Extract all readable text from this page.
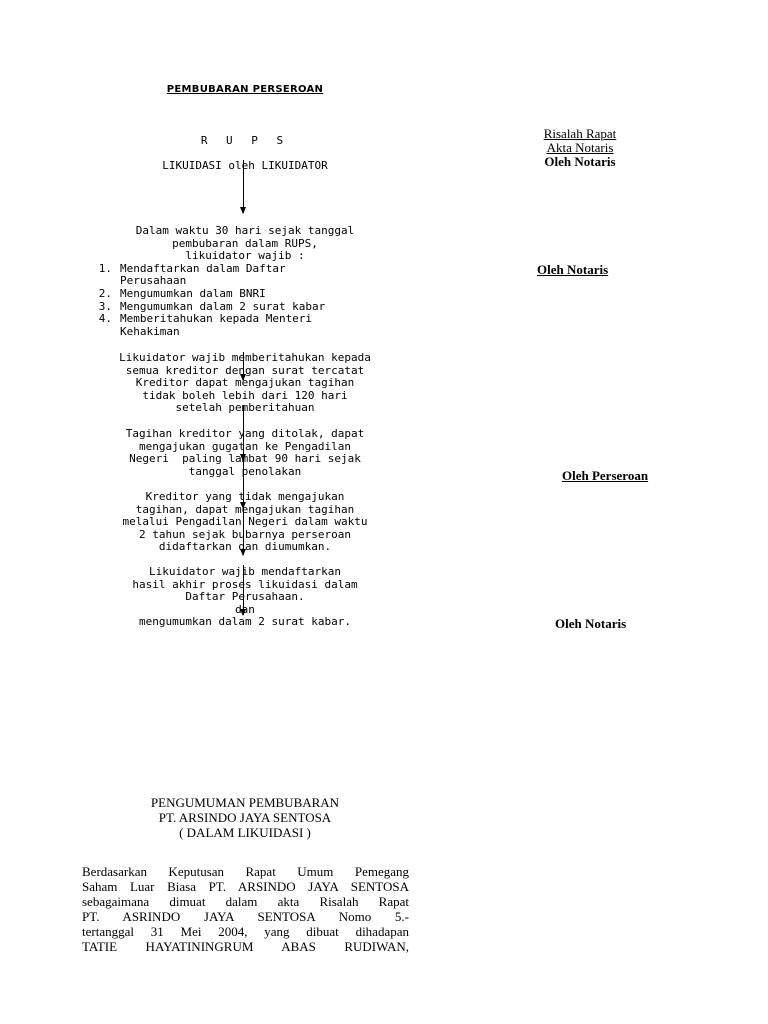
PEMBUBARAN PERSEROAN
R U P S
LIKUIDASI oleh LIKUIDATOR
Dalam waktu 30 hari sejak tanggal
pembubaran dalam RUPS,
likuidator wajib :
1. Mendaftarkan dalam Daftar
Perusahaan
2. Mengumumkan dalam BNRI
3. Mengumumkan dalam 2 surat kabar
4. Memberitahukan kepada Menteri
Kehakiman
Likuidator wajib memberitahukan kepada
semua kreditor dengan surat tercatat
Kreditor dapat mengajukan tagihan
tidak boleh lebih dari 120 hari
setelah pemberitahuan
Tagihan kreditor yang ditolak, dapat
mengajukan gugatan ke Pengadilan
Negeri  paling lambat 90 hari sejak
tanggal penolakan
Kreditor yang tidak mengajukan
tagihan, dapat mengajukan tagihan
melalui Pengadilan Negeri dalam waktu
2 tahun sejak bubarnya perseroan
didaftarkan dan diumumkan.
Likuidator wajib mendaftarkan
hasil akhir proses likuidasi dalam
Daftar Perusahaan.
dan
mengumumkan dalam 2 surat kabar.
Risalah Rapat
Akta Notaris
Oleh Notaris
Oleh Notaris
Oleh Perseroan
Oleh Notaris
PENGUMUMAN PEMBUBARAN
PT. ARSINDO JAYA SENTOSA
( DALAM LIKUIDASI )
Berdasarkan Keputusan Rapat Umum Pemegang
Saham Luar Biasa PT. ARSINDO JAYA SENTOSA
sebagaimana dimuat dalam akta Risalah Rapat
PT. ASRINDO JAYA SENTOSA Nomo 5.-
tertanggal 31 Mei 2004, yang dibuat dihadapan
TATIE HAYATININGRUM ABAS RUDIWAN,
